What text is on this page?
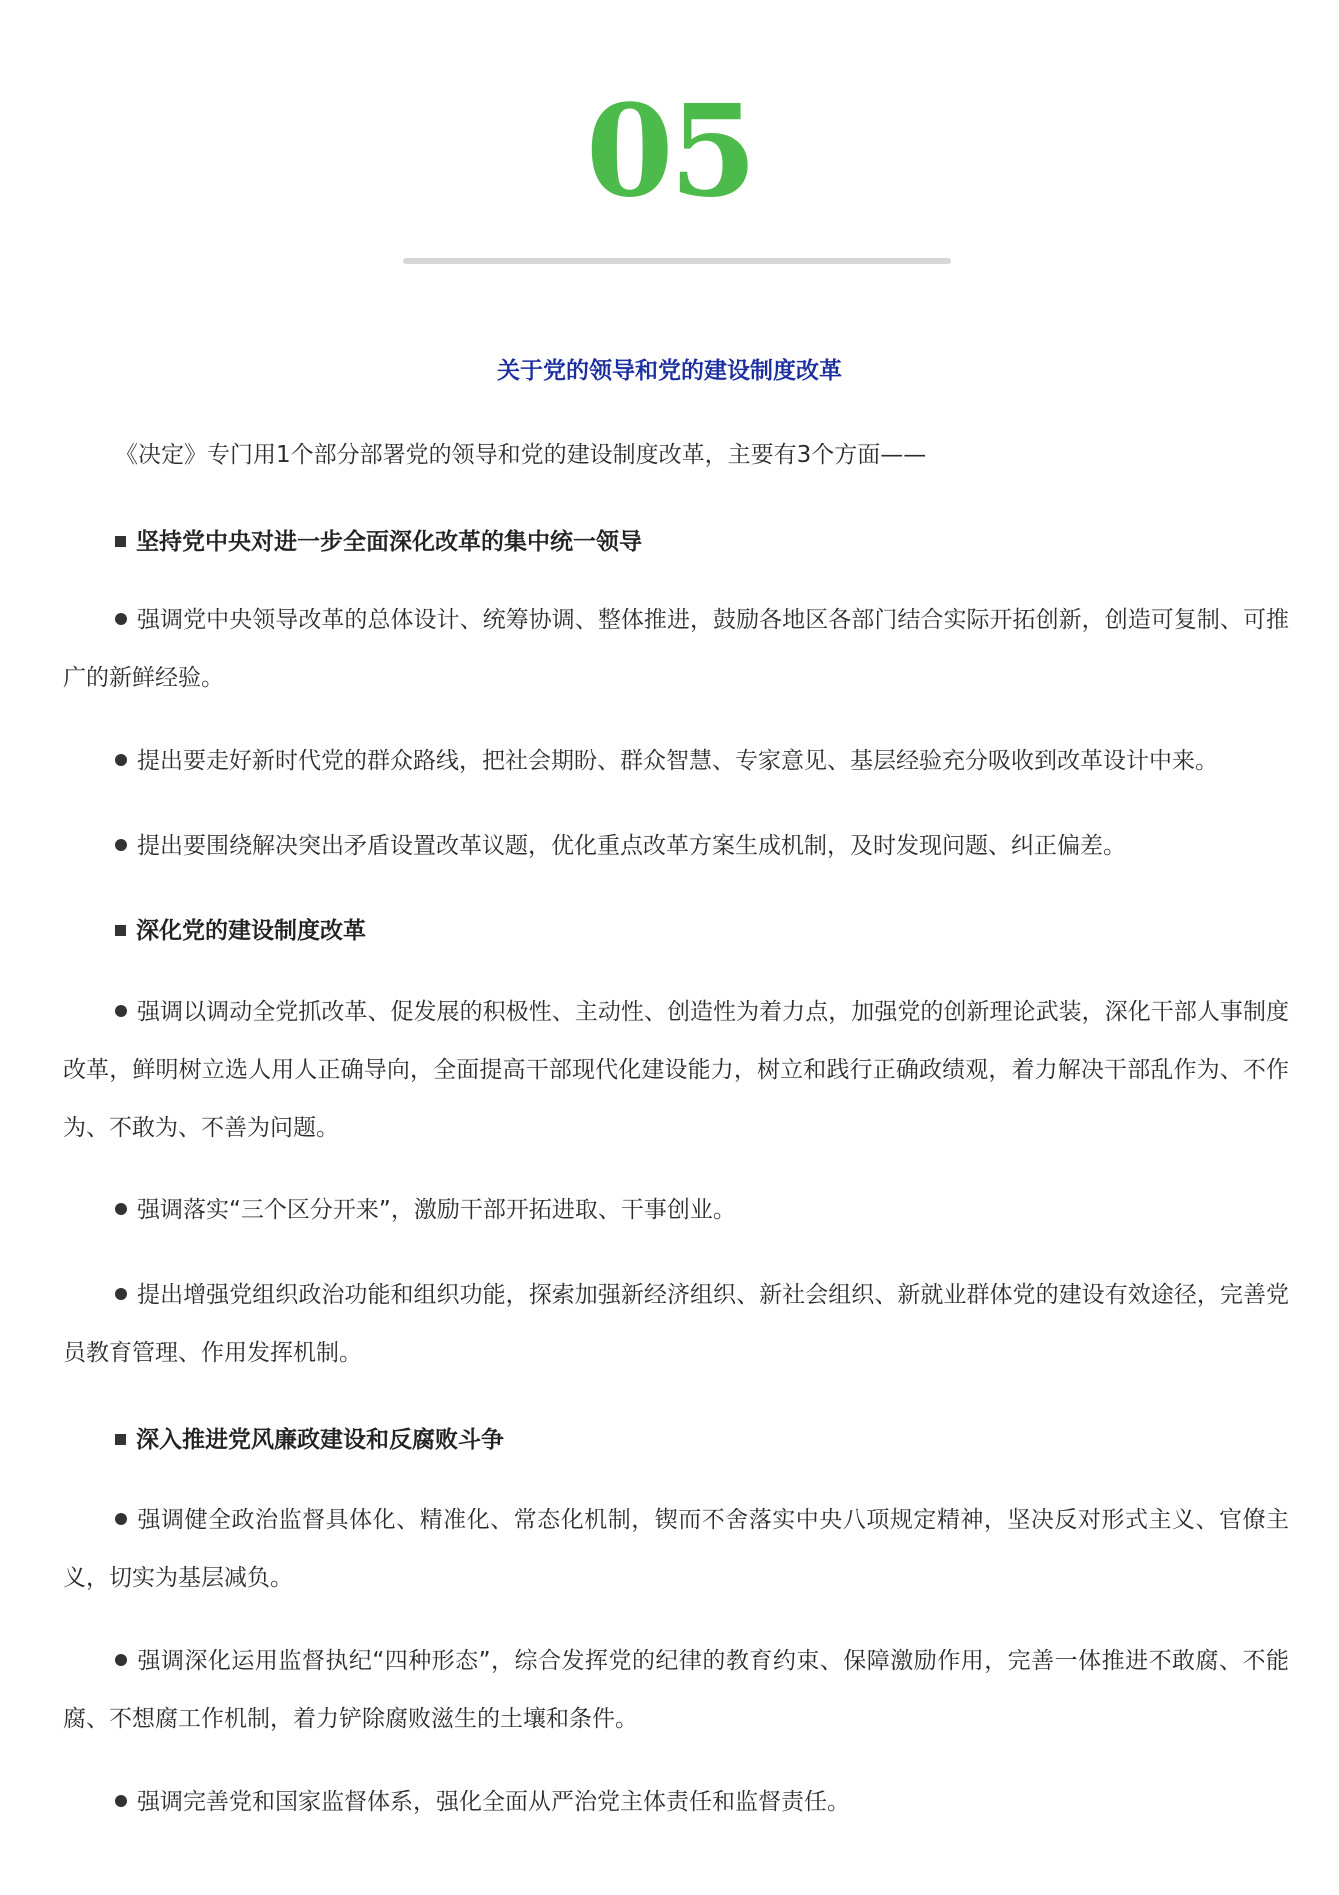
05
关于党的领导和党的建设制度改革

《决定》专门用1个部分部署党的领导和党的建设制度改革，主要有3个方面——

坚持党中央对进一步全面深化改革的集中统一领导

强调党中央领导改革的总体设计、统筹协调、整体推进，鼓励各地区各部门结合实际开拓创新，创造可复制、可推广的新鲜经验。

提出要走好新时代党的群众路线，把社会期盼、群众智慧、专家意见、基层经验充分吸收到改革设计中来。

提出要围绕解决突出矛盾设置改革议题，优化重点改革方案生成机制，及时发现问题、纠正偏差。

深化党的建设制度改革

强调以调动全党抓改革、促发展的积极性、主动性、创造性为着力点，加强党的创新理论武装，深化干部人事制度改革，鲜明树立选人用人正确导向，全面提高干部现代化建设能力，树立和践行正确政绩观，着力解决干部乱作为、不作为、不敢为、不善为问题。

强调落实“三个区分开来”，激励干部开拓进取、干事创业。

提出增强党组织政治功能和组织功能，探索加强新经济组织、新社会组织、新就业群体党的建设有效途径，完善党员教育管理、作用发挥机制。

深入推进党风廉政建设和反腐败斗争

强调健全政治监督具体化、精准化、常态化机制，锲而不舍落实中央八项规定精神，坚决反对形式主义、官僚主义，切实为基层减负。

强调深化运用监督执纪“四种形态”，综合发挥党的纪律的教育约束、保障激励作用，完善一体推进不敢腐、不能腐、不想腐工作机制，着力铲除腐败滋生的土壤和条件。

强调完善党和国家监督体系，强化全面从严治党主体责任和监督责任。
